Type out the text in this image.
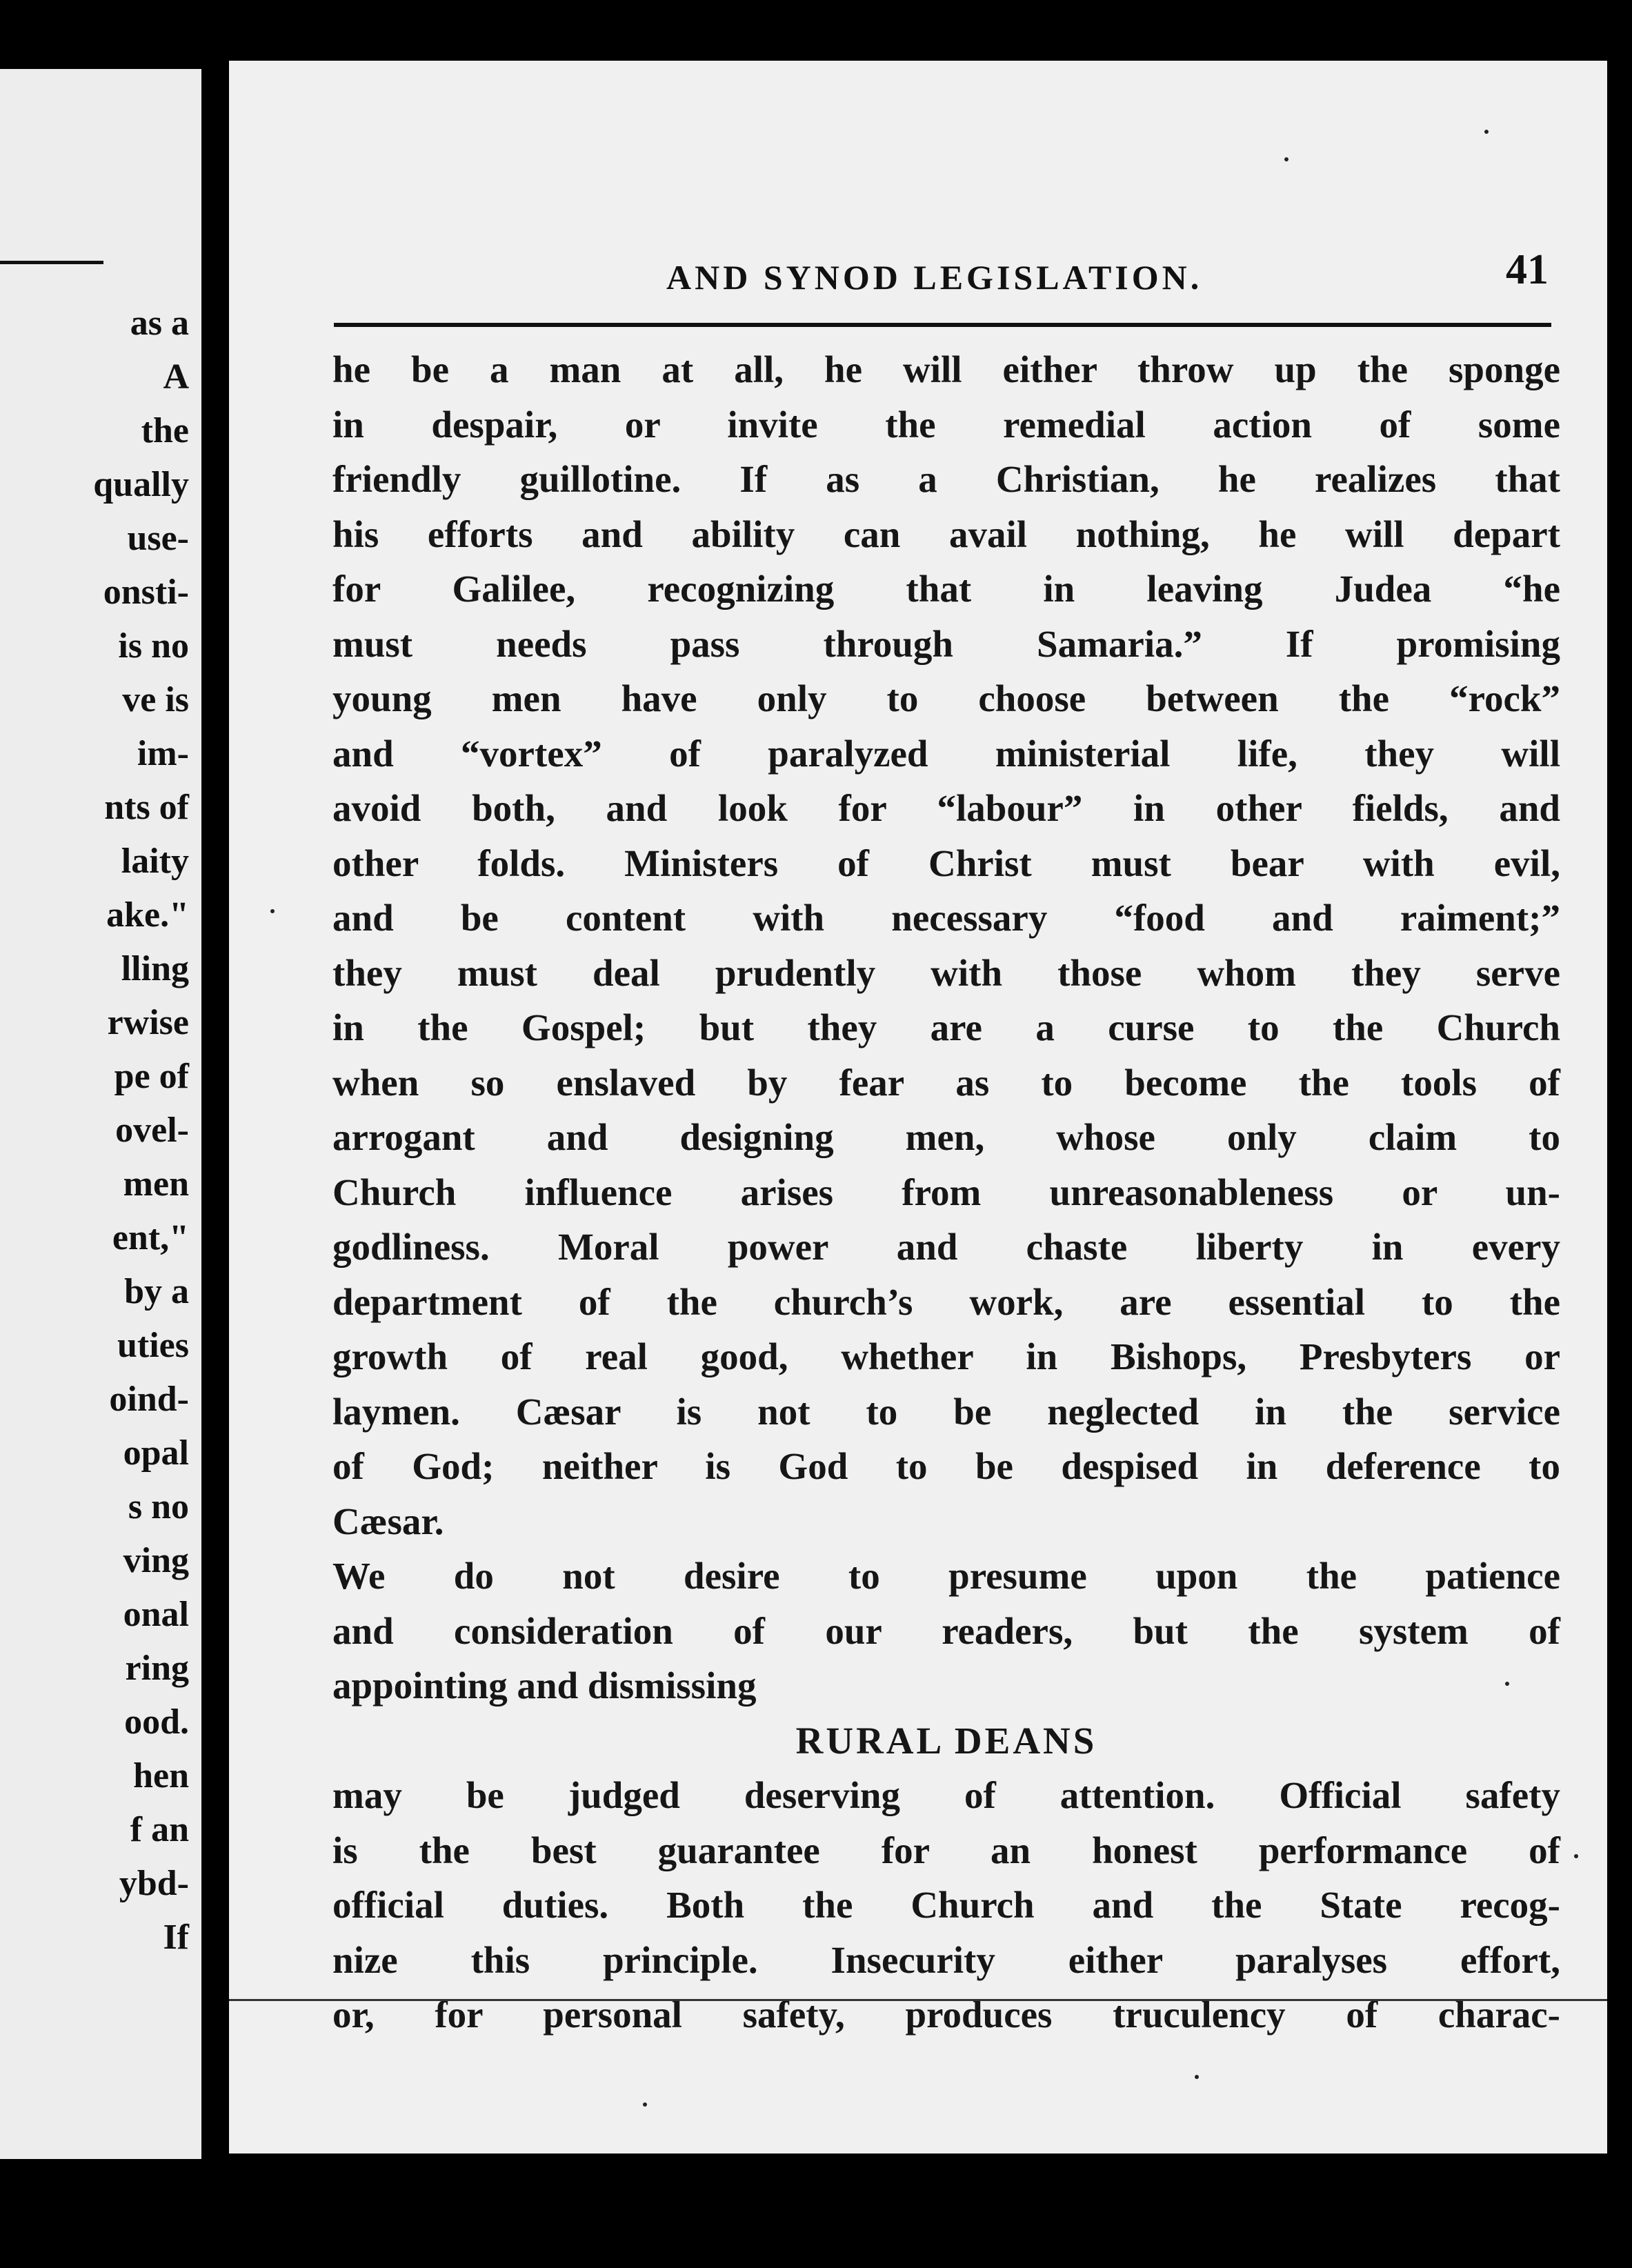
as a
A
the
qually
use-
onsti-
is no
ve is
im-
nts of
laity
ake."
lling
rwise
pe of
ovel-
men
ent,"
by a
uties
oind-
opal
s no
ving
onal
ring
ood.
hen
f an
ybd-
If
AND SYNOD LEGISLATION.	41
he be a man at all, he will either throw up the sponge
in despair, or invite the remedial action of some
friendly guillotine. If as a Christian, he realizes that
his efforts and ability can avail nothing, he will depart
for Galilee, recognizing that in leaving Judea “he
must needs pass through Samaria.” If promising
young men have only to choose between the “rock”
and “vortex” of paralyzed ministerial life, they will
avoid both, and look for “labour” in other fields, and
other folds. Ministers of Christ must bear with evil,
and be content with necessary “food and raiment;”
they must deal prudently with those whom they serve
in the Gospel; but they are a curse to the Church
when so enslaved by fear as to become the tools of
arrogant and designing men, whose only claim to
Church influence arises from unreasonableness or un-
godliness. Moral power and chaste liberty in every
department of the church’s work, are essential to the
growth of real good, whether in Bishops, Presbyters or
laymen. Cæsar is not to be neglected in the service
of God; neither is God to be despised in deference to
Cæsar.
We do not desire to presume upon the patience
and consideration of our readers, but the system of
appointing and dismissing
RURAL DEANS
may be judged deserving of attention. Official safety
is the best guarantee for an honest performance of
official duties. Both the Church and the State recog-
nize this principle. Insecurity either paralyses effort,
or, for personal safety, produces truculency of charac-
